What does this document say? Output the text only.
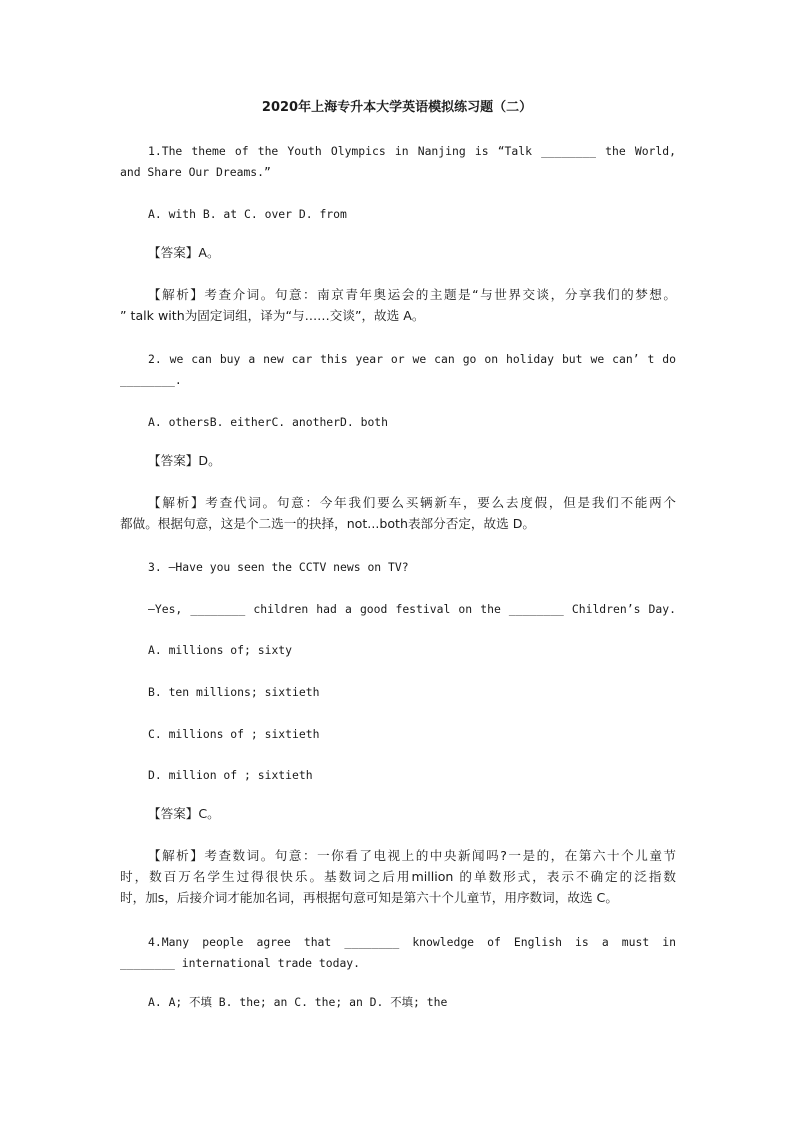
2020年上海专升本大学英语模拟练习题（二）
1.The theme of the Youth Olympics in Nanjing is “Talk ________ the World,
and Share Our Dreams.”
A. with B. at C. over D. from
【答案】A。
【解析】考查介词。句意：南京青年奥运会的主题是“与世界交谈，分享我们的梦想。
” talk with为固定词组，译为“与……交谈”，故选 A。
2. we can buy a new car this year or we can go on holiday but we can’ t do
________.
A. othersB. eitherC. anotherD. both
【答案】D。
【解析】考查代词。句意：今年我们要么买辆新车，要么去度假，但是我们不能两个
都做。根据句意，这是个二选一的抉择，not...both表部分否定，故选 D。
3. —Have you seen the CCTV news on TV?
—Yes, ________ children had a good festival on the ________ Children’s Day.
A. millions of; sixty
B. ten millions; sixtieth
C. millions of ; sixtieth
D. million of ; sixtieth
【答案】C。
【解析】考查数词。句意：一你看了电视上的中央新闻吗?一是的，在第六十个儿童节
时，数百万名学生过得很快乐。基数词之后用million 的单数形式，表示不确定的泛指数
时，加s，后接介词才能加名词，再根据句意可知是第六十个儿童节，用序数词，故选 C。
4.Many people agree that ________ knowledge of English is a must in
________ international trade today.
A. A; 不填 B. the; an C. the; an D. 不填; the
